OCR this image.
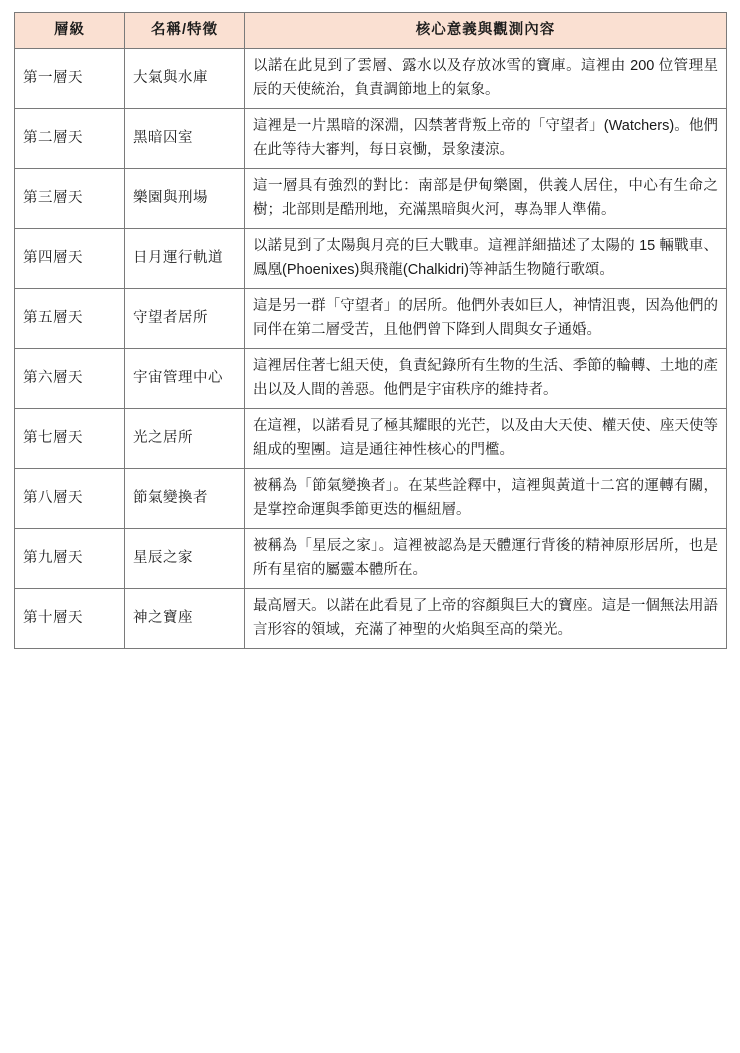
層級	名稱/特徵	核心意義與觀測內容
第一層天	大氣與水庫	以諾在此見到了雲層、露水以及存放冰雪的寶庫。這裡由 200 位管理星辰的天使統治，負責調節地上的氣象。
第二層天	黑暗囚室	這裡是一片黑暗的深淵，囚禁著背叛上帝的「守望者」(Watchers)。他們在此等待大審判，每日哀慟，景象淒涼。
第三層天	樂園與刑場	這一層具有強烈的對比：南部是伊甸樂園，供義人居住，中心有生命之樹；北部則是酷刑地，充滿黑暗與火河，專為罪人準備。
第四層天	日月運行軌道	以諾見到了太陽與月亮的巨大戰車。這裡詳細描述了太陽的 15 輛戰車、鳳凰(Phoenixes)與飛龍(Chalkidri)等神話生物隨行歌頌。
第五層天	守望者居所	這是另一群「守望者」的居所。他們外表如巨人，神情沮喪，因為他們的同伴在第二層受苦，且他們曾下降到人間與女子通婚。
第六層天	宇宙管理中心	這裡居住著七組天使，負責紀錄所有生物的生活、季節的輪轉、土地的產出以及人間的善惡。他們是宇宙秩序的維持者。
第七層天	光之居所	在這裡，以諾看見了極其耀眼的光芒，以及由大天使、權天使、座天使等組成的聖團。這是通往神性核心的門檻。
第八層天	節氣變換者	被稱為「節氣變換者」。在某些詮釋中，這裡與黃道十二宮的運轉有關，是掌控命運與季節更迭的樞紐層。
第九層天	星辰之家	被稱為「星辰之家」。這裡被認為是天體運行背後的精神原形居所，也是所有星宿的屬靈本體所在。
第十層天	神之寶座	最高層天。以諾在此看見了上帝的容顏與巨大的寶座。這是一個無法用語言形容的領域，充滿了神聖的火焰與至高的榮光。
